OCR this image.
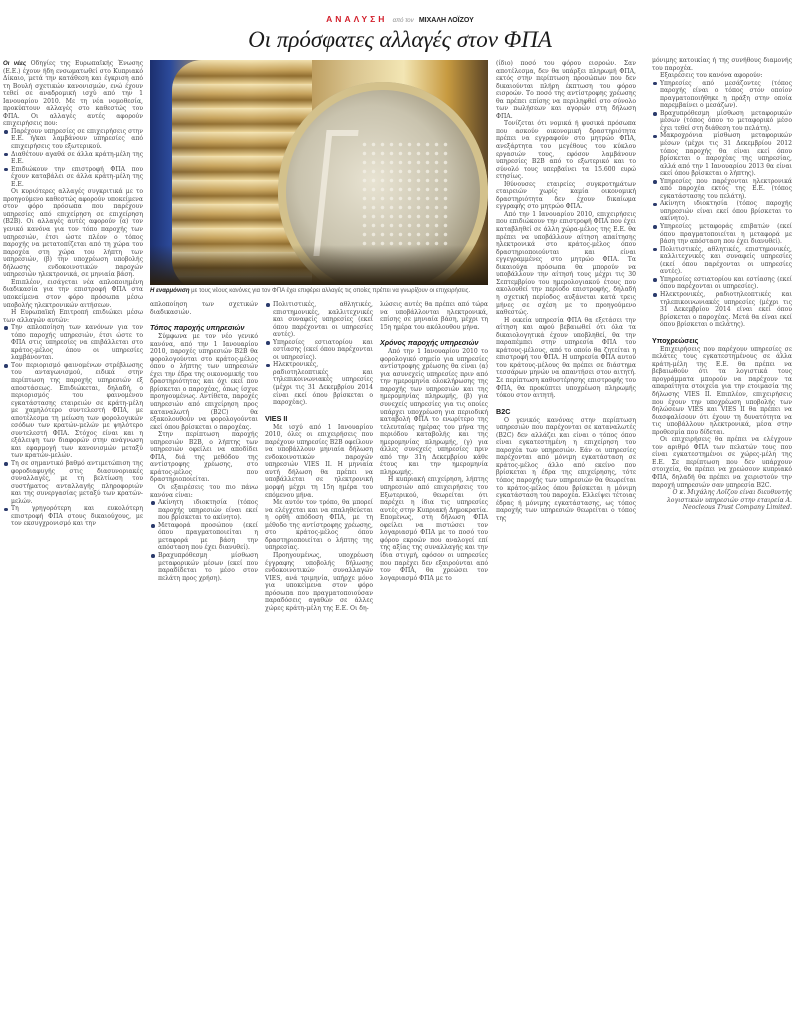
ΑΝΑΛΥΣΗ από τον ΜΙΧΑΛΗ ΛΟΪΖΟΥ
Οι πρόσφατες αλλαγές στον ΦΠΑ

Οι νέες Οδηγίες της Ευρωπαϊκής Ένωσης (Ε.Ε.) έχουν ήδη ενσωματωθεί στο Κυπριακό Δίκαιο, μετά την κατάθεση και έγκριση από τη Βουλή σχετικών κανονισμών, ενώ έχουν τεθεί σε αναδρομική ισχύ από την 1 Ιανουαρίου 2010. Με τη νέα νομοθεσία, προκύπτουν αλλαγές στο καθεστώς του ΦΠΑ. Οι αλλαγές αυτές αφορούν επιχειρήσεις που:

Παρέχουν υπηρεσίες σε επιχειρήσεις στην Ε.Ε. ή/και λαμβάνουν υπηρεσίες από επιχειρήσεις του εξωτερικού.
Διαθέτουν αγαθά σε άλλα κράτη-μέλη της Ε.Ε.
Επιδιώκουν την επιστροφή ΦΠΑ που έχουν καταβάλει σε άλλα κράτη-μέλη της Ε.Ε.

Οι κυριότερες αλλαγές συγκριτικά με το προηγούμενο καθεστώς αφορούν υποκείμενα στον φόρο πρόσωπα που παρέχουν υπηρεσίες από επιχείρηση σε επιχείρηση (B2B). Οι αλλαγές αυτές αφορούν (α) τον γενικό κανόνα για τον τόπο παροχής των υπηρεσιών, έτσι ώστε πλέον ο τόπος παροχής να μετατοπίζεται από τη χώρα του παροχέα στη χώρα του λήπτη των υπηρεσιών, (β) την υποχρέωση υποβολής δήλωσης ενδοκοινοτικών παροχών υπηρεσιών ηλεκτρονικά, σε μηνιαία βάση.

Επιπλέον, εισάγεται νέα απλοποιημένη διαδικασία για την επιστροφή ΦΠΑ στα υποκείμενα στον φόρο πρόσωπα μέσω υποβολής ηλεκτρονικών αιτήσεων.

Η Ευρωπαϊκή Επιτροπή επιδιώκει μέσω των αλλαγών αυτών:

Την απλοποίηση των κανόνων για τον τόπο παροχής υπηρεσιών, έτσι ώστε το ΦΠΑ στις υπηρεσίες να επιβάλλεται στο κράτος-μέλος όπου οι υπηρεσίες λαμβάνονται.
Τον περιορισμό φαινομένων στρέβλωσης του ανταγωνισμού, ειδικά στην περίπτωση της παροχής υπηρεσιών εξ αποστάσεως. Επιδιώκεται, δηλαδή, ο περιορισμός του φαινομένου εγκατάστασης εταιρειών σε κράτη-μέλη με χαμηλότερο συντελεστή ΦΠΑ, με αποτέλεσμα τη μείωση των φορολογικών εσόδων των κρατών-μελών με ψηλότερο συντελεστή ΦΠΑ. Στόχος είναι και η εξάλειψη των διαφορών στην ανάγνωση και εφαρμογή των κανονισμών μεταξύ των κρατών-μελών.
Τη σε σημαντικό βαθμό αντιμετώπιση της φοροδιαφυγής στις διασυνοριακές συναλλαγές, με τη βελτίωση του συστήματος ανταλλαγής πληροφοριών και της συνεργασίας μεταξύ των κρατών-μελών.
Τη γρηγορότερη και ευκολότερη επιστροφή ΦΠΑ στους δικαιούχους, με τον εκσυγχρονισμό και την
Η εναρμόνιση με τους νέους κανόνες για τον ΦΠΑ έχει επιφέρει αλλαγές τις οποίες πρέπει να γνωρίζουν οι επιχειρήσεις.

απλοποίηση των σχετικών διαδικασιών.

Τόπος παροχής υπηρεσιών

Σύμφωνα με τον νέο γενικό κανόνα, από την 1 Ιανουαρίου 2010, παροχές υπηρεσιών B2B θα φορολογούνται στο κράτος-μέλος όπου ο λήπτης των υπηρεσιών έχει την έδρα της οικονομικής του δραστηριότητας και όχι εκεί που βρίσκεται ο παροχέας, όπως ίσχυε προηγουμένως. Αντίθετα, παροχές υπηρεσιών από επιχείρηση προς καταναλωτή (B2C) θα εξακολουθούν να φορολογούνται εκεί όπου βρίσκεται ο παροχέας.

Στην περίπτωση παροχής υπηρεσιών B2B, ο λήπτης των υπηρεσιών οφείλει να αποδίδει ΦΠΑ, διά της μεθόδου της αντίστροφης χρέωσης, στο κράτος-μέλος που δραστηριοποιείται.

Οι εξαιρέσεις του πιο πάνω κανόνα είναι:

Ακίνητη ιδιοκτησία (τόπος παροχής υπηρεσιών είναι εκεί που βρίσκεται το ακίνητο).
Μεταφορά προσώπου (εκεί όπου πραγματοποιείται η μεταφορά με βάση την απόσταση που έχει διανυθεί).
Βραχυπρόθεσμη μίσθωση μεταφορικών μέσων (εκεί που παραδίδεται το μέσο στον πελάτη προς χρήση).
Πολιτιστικές, αθλητικές, επιστημονικές, καλλιτεχνικές και συναφείς υπηρεσίες (εκεί όπου παρέχονται οι υπηρεσίες αυτές).
Υπηρεσίες εστιατορίου και εστίασης (εκεί όπου παρέχονται οι υπηρεσίες).
Ηλεκτρονικές, ραδιοτηλεοπτικές και τηλεπικοινωνιακές υπηρεσίες (μέχρι τις 31 Δεκεμβρίου 2014 είναι εκεί όπου βρίσκεται ο παροχέας).
VIES II

Με ισχύ από 1 Ιανουαρίου 2010, όλες οι επιχειρήσεις που παρέχουν υπηρεσίες B2B οφείλουν να υποβάλλουν μηνιαία δήλωση ενδοκοινοτικών παροχών υπηρεσιών VIES II. Η μηνιαία αυτή δήλωση θα πρέπει να υποβάλλεται σε ηλεκτρονική μορφή μέχρι τη 15η ημέρα του επόμενου μήνα.

Με αυτόν τον τρόπο, θα μπορεί να ελέγχεται και να επαληθεύεται η ορθή απόδοση ΦΠΑ, με τη μέθοδο της αντίστροφης χρέωσης, στο κράτος-μέλος όπου δραστηριοποιείται ο λήπτης της υπηρεσίας.

Προηγουμένως, υποχρέωση έγγραφης υποβολής δήλωσης ενδοκοινοτικών συναλλαγών VIES, ανά τριμηνία, υπήρχε μόνο για υποκείμενα στον φόρο πρόσωπα που πραγματοποιούσαν παραδόσεις αγαθών σε άλλες χώρες κράτη-μέλη της Ε.Ε. Οι δη-

λώσεις αυτές θα πρέπει από τώρα να υποβάλλονται ηλεκτρονικά, επίσης σε μηνιαία βάση, μέχρι τη 15η ημέρα του ακόλουθου μήνα.

Χρόνος παροχής υπηρεσιών

Από την 1 Ιανουαρίου 2010 το φορολογικό σημείο για υπηρεσίες αντίστροφης χρέωσης θα είναι (α) για ασυνεχείς υπηρεσίες πριν από την ημερομηνία ολοκλήρωσης της παροχής των υπηρεσιών και της ημερομηνίας πληρωμής, (β) για συνεχείς υπηρεσίες για τις οποίες υπάρχει υποχρέωση για περιοδική καταβολή ΦΠΑ το ενωρίτερο της τελευταίας ημέρας του μήνα της περιόδου καταβολής και της ημερομηνίας πληρωμής, (γ) για άλλες συνεχείς υπηρεσίες πριν από την 31η Δεκεμβρίου κάθε έτους και την ημερομηνία πληρωμής.

Η κυπριακή επιχείρηση, λήπτης υπηρεσιών από επιχειρήσεις του Εξωτερικού, θεωρείται ότι παρέχει η ίδια τις υπηρεσίες αυτές στην Κυπριακή Δημοκρατία. Επομένως, στη δήλωση ΦΠΑ οφείλει να πιστώσει τον λογαριασμό ΦΠΑ με το ποσό του φόρου εκροών που αναλογεί επί της αξίας της συναλλαγής και την ίδια στιγμή, εφόσον οι υπηρεσίες που παρέχει δεν εξαιρούνται από τον ΦΠΑ, θα χρεώσει τον λογαριασμό ΦΠΑ με το

(ίδιο) ποσό του φόρου εισροών. Σαν αποτέλεσμα, δεν θα υπάρξει πληρωμή ΦΠΑ, εκτός στην περίπτωση προσώπων που δεν δικαιούνται πλήρη έκπτωση του φόρου εισροών. Το ποσό της αντίστροφης χρέωσης θα πρέπει επίσης να περιληφθεί στο σύνολο των πωλήσεων και αγορών στη δήλωση ΦΠΑ.

Τονίζεται ότι νομικά ή φυσικά πρόσωπα που ασκούν οικονομική δραστηριότητα πρέπει να εγγραφούν στο μητρώο ΦΠΑ, ανεξάρτητα του μεγέθους του κύκλου εργασιών τους, εφόσον λαμβάνουν υπηρεσίες B2B από το εξωτερικό και το σύνολό τους υπερβαίνει τα 15.600 ευρώ ετησίως.

Ιθύνουσες εταιρείες συγκροτημάτων εταιρειών χωρίς καμία οικονομική δραστηριότητα δεν έχουν δικαίωμα εγγραφής στο μητρώο ΦΠΑ.

Από την 1 Ιανουαρίου 2010, επιχειρήσεις που επιδιώκουν την επιστροφή ΦΠΑ που έχει καταβληθεί σε άλλη χώρα-μέλος της Ε.Ε. θα πρέπει να υποβάλλουν αίτηση απαίτησης ηλεκτρονικά στο κράτος-μέλος όπου δραστηριοποιούνται και είναι εγγεγραμμένες στο μητρώο ΦΠΑ. Τα δικαιούχα πρόσωπα θα μπορούν να υποβάλλουν την αίτησή τους μέχρι τις 30 Σεπτεμβρίου του ημερολογιακού έτους που ακολουθεί την περίοδο επιστροφής, δηλαδή η σχετική περίοδος αυξάνεται κατά τρεις μήνες σε σχέση με το προηγούμενο καθεστώς.

Η οικεία υπηρεσία ΦΠΑ θα εξετάσει την αίτηση και αφού βεβαιωθεί ότι όλα τα δικαιολογητικά έχουν υποβληθεί, θα την παραπέμπει στην υπηρεσία ΦΠΑ του κράτους-μέλους, από το οποίο θα ζητείται η επιστροφή του ΦΠΑ. Η υπηρεσία ΦΠΑ αυτού του κράτους-μέλους θα πρέπει σε διάστημα τεσσάρων μηνών να απαντήσει στον αιτητή. Σε περίπτωση καθυστέρησης επιστροφής του ΦΠΑ, θα προκύπτει υποχρέωση πληρωμής τόκου στον αιτητή.

B2C

Ο γενικός κανόνας στην περίπτωση υπηρεσιών που παρέχονται σε καταναλωτές (B2C) δεν αλλάζει και είναι ο τόπος όπου είναι εγκατεστημένη η επιχείρηση του παροχέα των υπηρεσιών. Εάν οι υπηρεσίες παρέχονται από μόνιμη εγκατάσταση σε κράτος-μέλος άλλο από εκείνο που βρίσκεται η έδρα της επιχείρησης, τότε τόπος παροχής των υπηρεσιών θα θεωρείται το κράτος-μέλος όπου βρίσκεται η μόνιμη εγκατάσταση του παροχέα. Ελλείψει τέτοιας έδρας ή μόνιμης εγκατάστασης, ως τόπος παροχής των υπηρεσιών θεωρείται ο τόπος της

μόνιμης κατοικίας ή της συνήθους διαμονής του παροχέα.

Εξαιρέσεις του κανόνα αφορούν:

Υπηρεσίες από μεσάζοντες (τόπος παροχής είναι ο τόπος στον οποίον πραγματοποιήθηκε η πράξη στην οποία παρεμβαίνει ο μεσάζων).
Βραχυπρόθεσμη μίσθωση μεταφορικών μέσων (τόπος όπου το μεταφορικό μέσο έχει τεθεί στη διάθεση του πελάτη).
Μακροχρόνια μίσθωση μεταφορικών μέσων (μέχρι τις 31 Δεκεμβρίου 2012 τόπος παροχής θα είναι εκεί όπου βρίσκεται ο παροχέας της υπηρεσίας, αλλά από την 1 Ιανουαρίου 2013 θα είναι εκεί όπου βρίσκεται ο λήπτης).
Υπηρεσίες που παρέχονται ηλεκτρονικά από παροχέα εκτός της Ε.Ε. (τόπος εγκατάστασης του πελάτη).
Ακίνητη ιδιοκτησία (τόπος παροχής υπηρεσιών είναι εκεί όπου βρίσκεται το ακίνητο).
Υπηρεσίες μεταφοράς επιβατών (εκεί όπου πραγματοποιείται η μεταφορά με βάση την απόσταση που έχει διανυθεί).
Πολιτιστικές, αθλητικές, επιστημονικές, καλλιτεχνικές και συναφείς υπηρεσίες (εκεί όπου παρέχονται οι υπηρεσίες αυτές).
Υπηρεσίες εστιατορίου και εστίασης (εκεί όπου παρέχονται οι υπηρεσίες).
Ηλεκτρονικές, ραδιοτηλεοπτικές και τηλεπικοινωνιακές υπηρεσίες (μέχρι τις 31 Δεκεμβρίου 2014 είναι εκεί όπου βρίσκεται ο παροχέας. Μετά θα είναι εκεί όπου βρίσκεται ο πελάτης).
Υποχρεώσεις

Επιχειρήσεις που παρέχουν υπηρεσίες σε πελάτες τους εγκατεστημένους σε άλλα κράτη-μέλη της Ε.Ε. θα πρέπει να βεβαιωθούν ότι τα λογιστικά τους προγράμματα μπορούν να παρέχουν τα απαραίτητα στοιχεία για την ετοιμασία της δήλωσης VIES II. Επιπλέον, επιχειρήσεις που έχουν την υποχρέωση υποβολής των δηλώσεων VIES και VIES II θα πρέπει να διασφαλίσουν ότι έχουν τη δυνατότητα να τις υποβάλλουν ηλεκτρονικά, μέσα στην προθεσμία που δίδεται.

Οι επιχειρήσεις θα πρέπει να ελέγχουν τον αριθμό ΦΠΑ των πελατών τους που είναι εγκατεστημένοι σε χώρες-μέλη της Ε.Ε. Σε περίπτωση που δεν υπάρχουν στοιχεία, θα πρέπει να χρεώσουν κυπριακό ΦΠΑ, δηλαδή θα πρέπει να χειριστούν την παροχή υπηρεσιών σαν υπηρεσία B2C.

Ο κ. Μιχάλης Λοΐζου είναι διευθυντής λογιστικών υπηρεσιών στην εταιρεία A. Neocleous Trust Company Limited.
